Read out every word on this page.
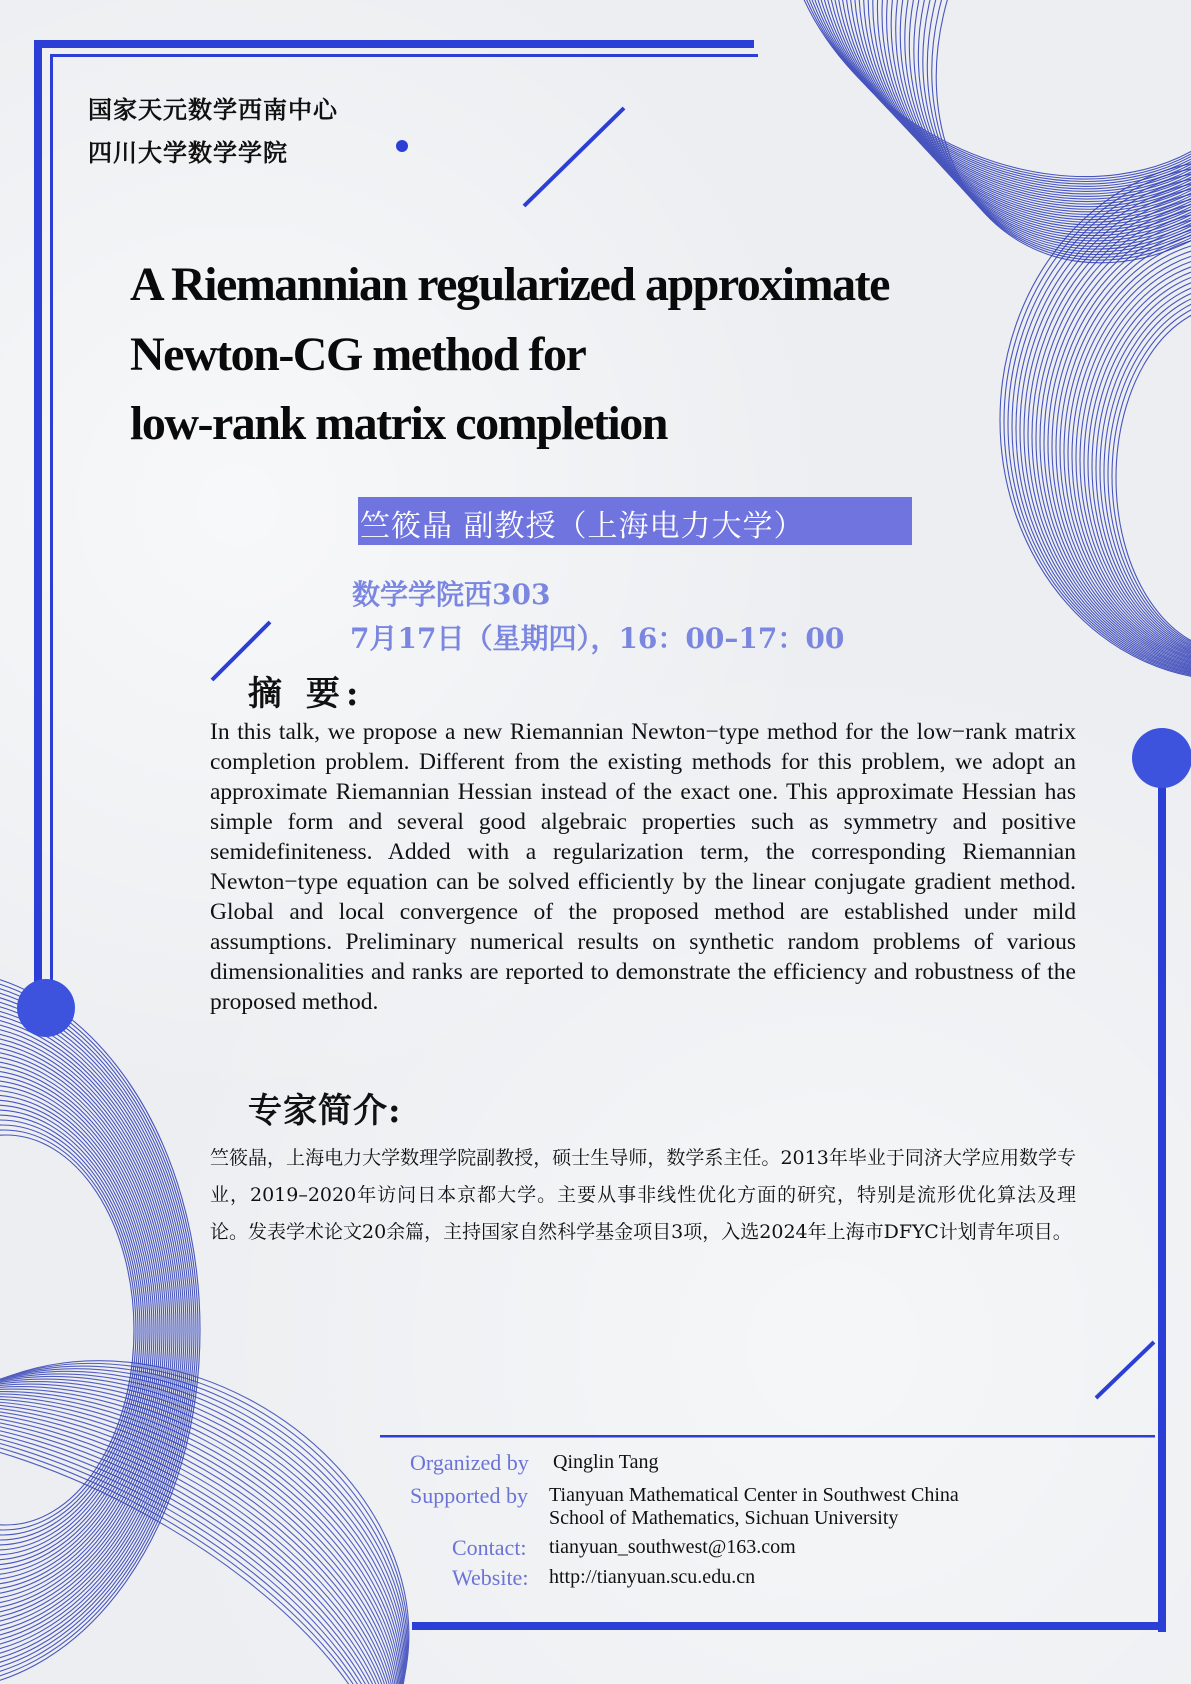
国家天元数学西南中心
四川大学数学学院
A Riemannian regularized approximate
Newton-CG method for
low-rank matrix completion
竺筱晶 副教授（上海电力大学）
数学学院西303
7月17日（星期四），16：00–17：00
摘 要:
In this talk, we propose a new Riemannian Newton−type method for the low−rank matrix completion problem. Different from the existing methods for this problem, we adopt an approximate Riemannian Hessian instead of the exact one. This approximate Hessian has simple form and several good algebraic properties such as symmetry and positive semidefiniteness. Added with a regularization term, the corresponding Riemannian Newton−type equation can be solved efficiently by the linear conjugate gradient method. Global and local convergence of the proposed method are established under mild assumptions. Preliminary numerical results on synthetic random problems of various dimensionalities and ranks are reported to demonstrate the efficiency and robustness of the proposed method.
专家简介:
竺筱晶，上海电力大学数理学院副教授，硕士生导师，数学系主任。2013年毕业于同济大学应用数学专业，2019–2020年访问日本京都大学。主要从事非线性优化方面的研究，特别是流形优化算法及理论。发表学术论文20余篇，主持国家自然科学基金项目3项，入选2024年上海市DFYC计划青年项目。
Organized by Qinglin Tang
Supported by Tianyuan Mathematical Center in Southwest China
School of Mathematics, Sichuan University
Contact: tianyuan_southwest@163.com
Website: http://tianyuan.scu.edu.cn
